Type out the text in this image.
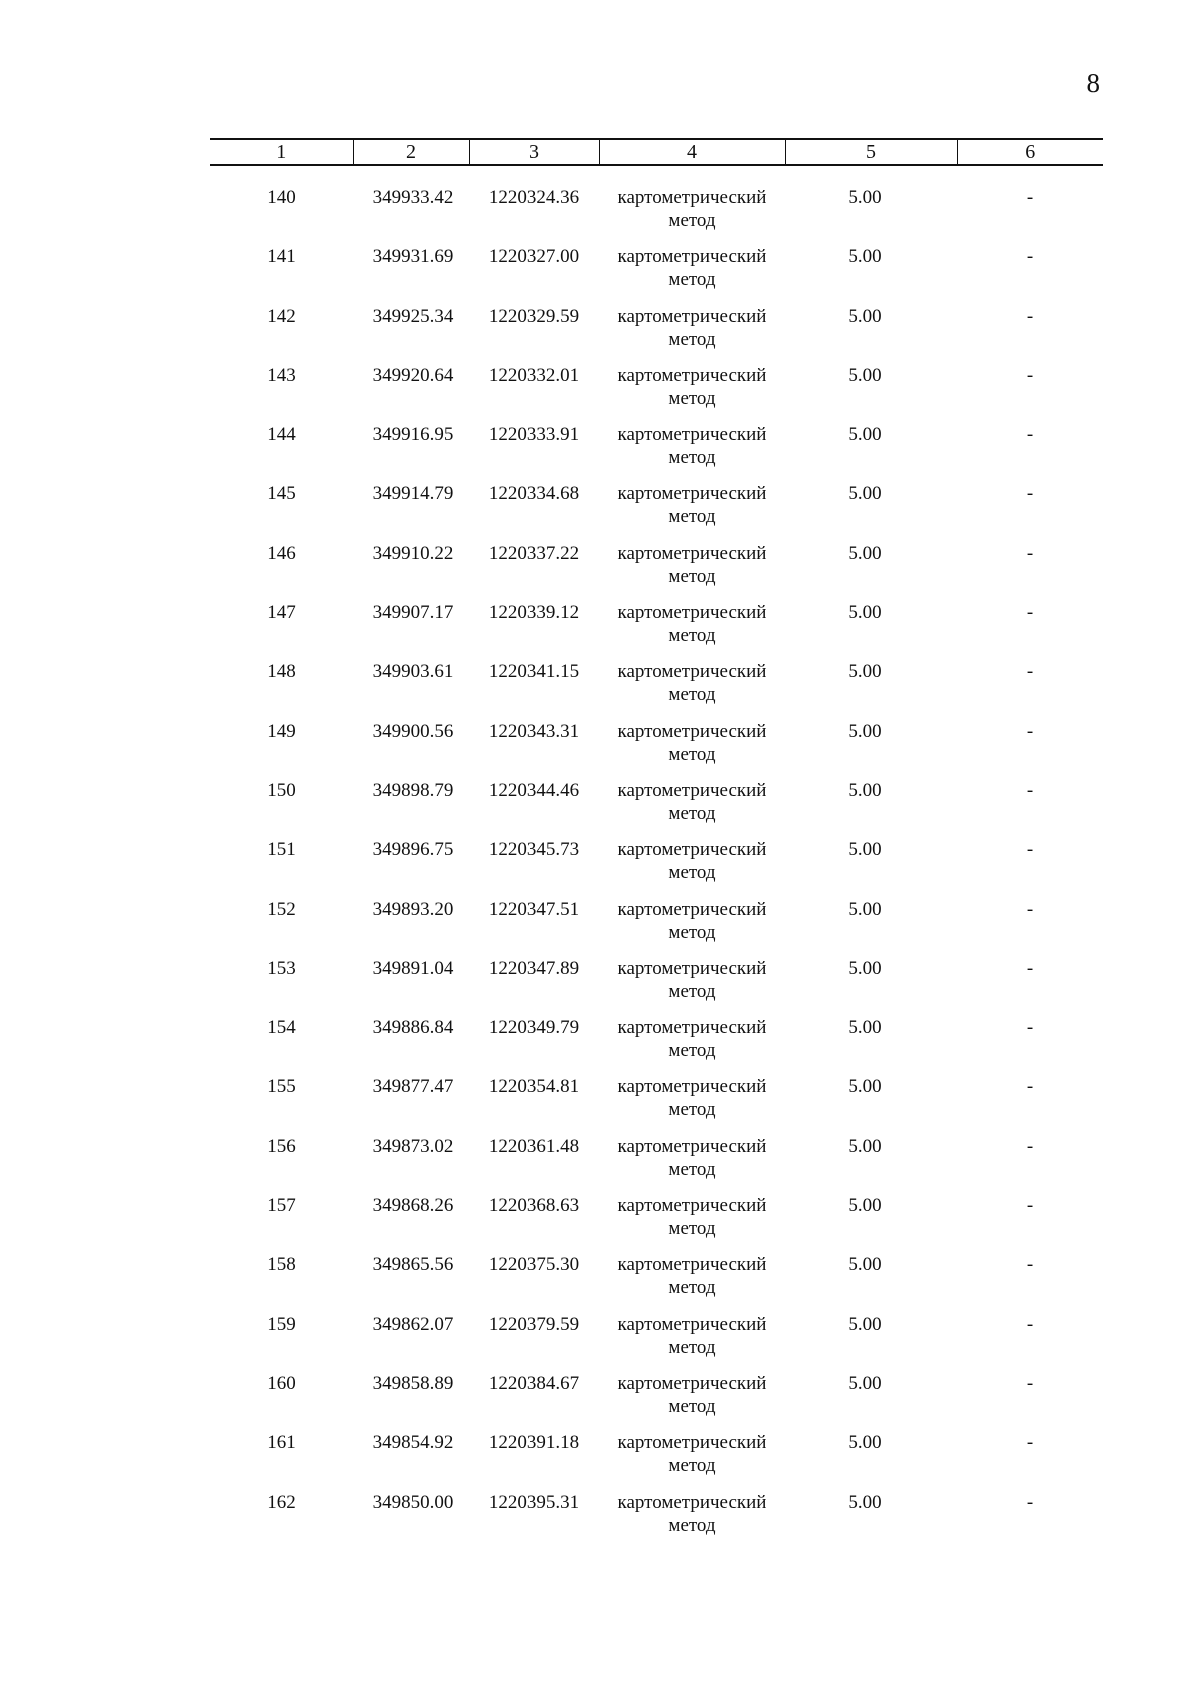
8
1	2	3	4	5	6

140	349933.42	1220324.36	картометрический
метод	5.00	-
141	349931.69	1220327.00	картометрический
метод	5.00	-
142	349925.34	1220329.59	картометрический
метод	5.00	-
143	349920.64	1220332.01	картометрический
метод	5.00	-
144	349916.95	1220333.91	картометрический
метод	5.00	-
145	349914.79	1220334.68	картометрический
метод	5.00	-
146	349910.22	1220337.22	картометрический
метод	5.00	-
147	349907.17	1220339.12	картометрический
метод	5.00	-
148	349903.61	1220341.15	картометрический
метод	5.00	-
149	349900.56	1220343.31	картометрический
метод	5.00	-
150	349898.79	1220344.46	картометрический
метод	5.00	-
151	349896.75	1220345.73	картометрический
метод	5.00	-
152	349893.20	1220347.51	картометрический
метод	5.00	-
153	349891.04	1220347.89	картометрический
метод	5.00	-
154	349886.84	1220349.79	картометрический
метод	5.00	-
155	349877.47	1220354.81	картометрический
метод	5.00	-
156	349873.02	1220361.48	картометрический
метод	5.00	-
157	349868.26	1220368.63	картометрический
метод	5.00	-
158	349865.56	1220375.30	картометрический
метод	5.00	-
159	349862.07	1220379.59	картометрический
метод	5.00	-
160	349858.89	1220384.67	картометрический
метод	5.00	-
161	349854.92	1220391.18	картометрический
метод	5.00	-
162	349850.00	1220395.31	картометрический
метод	5.00	-
